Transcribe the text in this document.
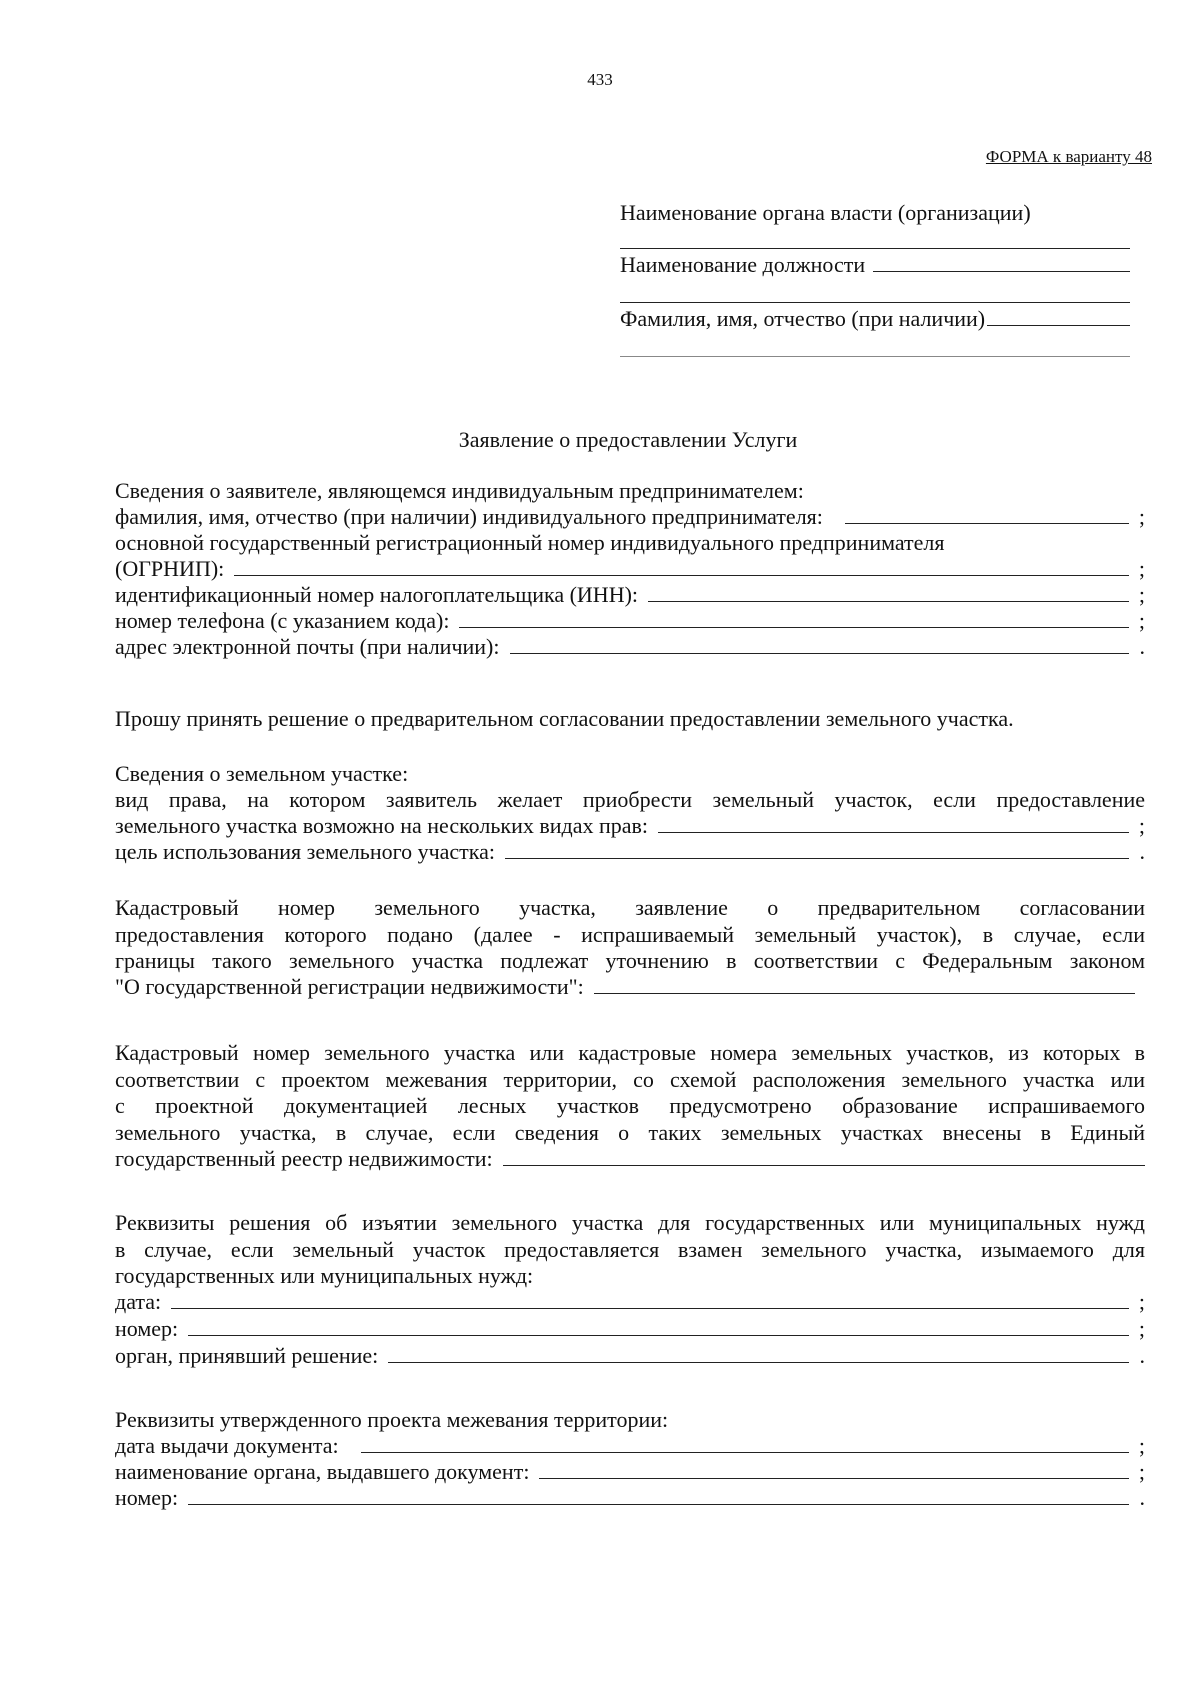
433
ФОРМА к варианту 48
Наименование органа власти (организации)
Наименование должности
Фамилия, имя, отчество (при наличии)
Заявление о предоставлении Услуги
Сведения о заявителе, являющемся индивидуальным предпринимателем:
фамилия, имя, отчество (при наличии) индивидуального предпринимателя:	;
основной государственный регистрационный номер индивидуального предпринимателя
(ОГРНИП):	;
идентификационный номер налогоплательщика (ИНН):	;
номер телефона (с указанием кода):	;
адрес электронной почты (при наличии):	.
Прошу принять решение о предварительном согласовании предоставлении земельного участка.
Сведения о земельном участке:
вид права, на котором заявитель желает приобрести земельный участок, если предоставление
земельного участка возможно на нескольких видах прав:	;
цель использования земельного участка:	.
Кадастровый номер земельного участка, заявление о предварительном согласовании
предоставления которого подано (далее - испрашиваемый земельный участок), в случае, если
границы такого земельного участка подлежат уточнению в соответствии с Федеральным законом
"О государственной регистрации недвижимости":
Кадастровый номер земельного участка или кадастровые номера земельных участков, из которых в
соответствии с проектом межевания территории, со схемой расположения земельного участка или
с проектной документацией лесных участков предусмотрено образование испрашиваемого
земельного участка, в случае, если сведения о таких земельных участках внесены в Единый
государственный реестр недвижимости:
Реквизиты решения об изъятии земельного участка для государственных или муниципальных нужд
в случае, если земельный участок предоставляется взамен земельного участка, изымаемого для
государственных или муниципальных нужд:
дата:	;
номер:	;
орган, принявший решение:	.
Реквизиты утвержденного проекта межевания территории:
дата выдачи документа:	;
наименование органа, выдавшего документ:	;
номер:	.
